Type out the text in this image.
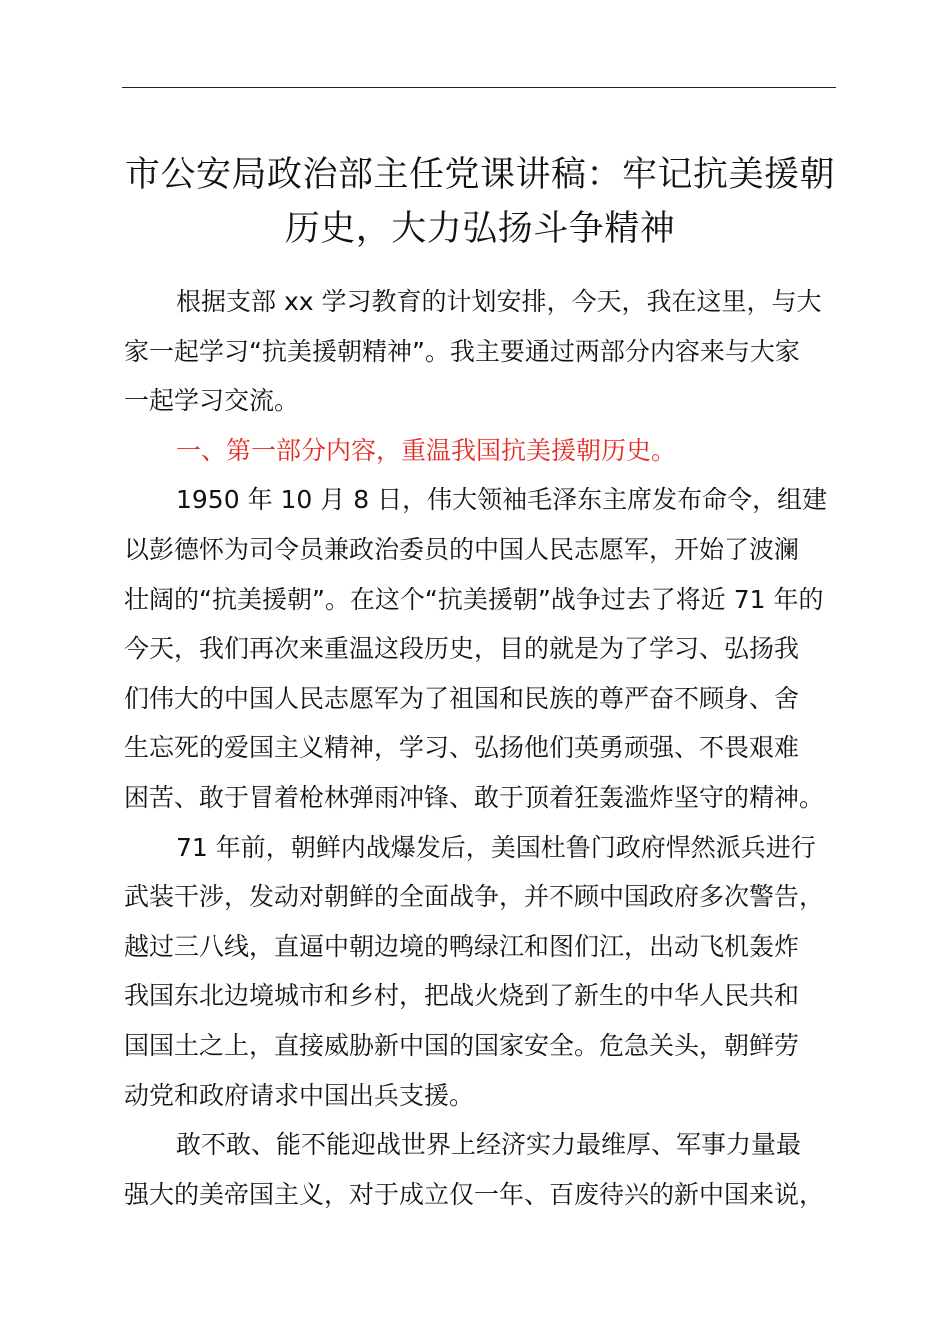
市公安局政治部主任党课讲稿：牢记抗美援朝
历史，大力弘扬斗争精神

根据支部 xx 学习教育的计划安排，今天，我在这里，与大
家一起学习“抗美援朝精神”。我主要通过两部分内容来与大家
一起学习交流。

一、第一部分内容，重温我国抗美援朝历史。

1950 年 10 月 8 日，伟大领袖毛泽东主席发布命令，组建
以彭德怀为司令员兼政治委员的中国人民志愿军，开始了波澜
壮阔的“抗美援朝”。在这个“抗美援朝”战争过去了将近 71 年的
今天，我们再次来重温这段历史，目的就是为了学习、弘扬我
们伟大的中国人民志愿军为了祖国和民族的尊严奋不顾身、舍
生忘死的爱国主义精神，学习、弘扬他们英勇顽强、不畏艰难
困苦、敢于冒着枪林弹雨冲锋、敢于顶着狂轰滥炸坚守的精神。

71 年前，朝鲜内战爆发后，美国杜鲁门政府悍然派兵进行
武装干涉，发动对朝鲜的全面战争，并不顾中国政府多次警告，
越过三八线，直逼中朝边境的鸭绿江和图们江，出动飞机轰炸
我国东北边境城市和乡村，把战火烧到了新生的中华人民共和
国国土之上，直接威胁新中国的国家安全。危急关头，朝鲜劳
动党和政府请求中国出兵支援。

敢不敢、能不能迎战世界上经济实力最维厚、军事力量最
强大的美帝国主义，对于成立仅一年、百废待兴的新中国来说，
